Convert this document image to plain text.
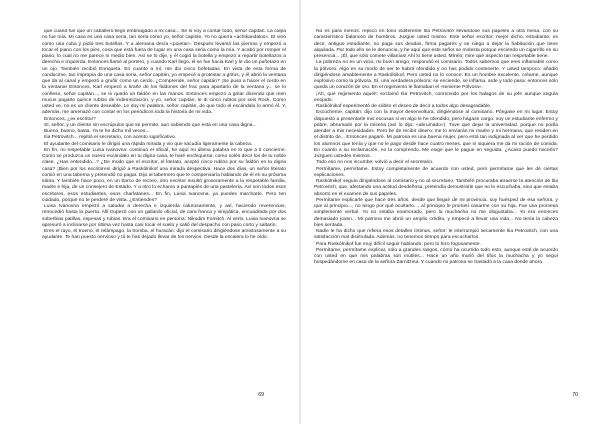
que cuand fue que un caballero llegó embriagado a mi casa... Se lo voy a contar todo, señor capitán. La culpa no fue mía. Mi casa es una casa seria, tan seria como yo, señor capitán. Yo no quería «achikandalos». El vino como una cuba y pidió tres botellas. Y a alemana decía «poietar». Después levantó las piernas y empezó a tocar el piano con los pies, cosa que está fuera de lugar en una casa seria como la mía. Y acabó por romper el piano, lo cual no me parece ni medio bien. Así se lo dije, y él cogió la botella y empezó a repartir botellazos a derecha e izquierda. Entonces llamé al portero, y cuando Karl llegó, él se fue hacia Karl y le dio un puñetazo en un ojo. También recibió Enriqueta. En cuanto a mí, me dio cinco bofetadas. En vista de esta forma de conducirse, tan impropia de una casa seria, señor capitán, yo empecé a protestar a gritos, y él abrió la ventana que da al canal y empezó a gruñir como un cerdo. ¿Comprende, señor capitán? ¡Se puso a hacer el cerdo en la ventana! Entonces, Karl empezó a tirarle de los faldones del frac para apartarlo de la ventana y... se lo confieso, señor capitán..., se le quedó un faldón en las manos. Entonces empezó a gritar diciendo que men mucus pagarle quince rublos de indemnización, y yo, señor capitán, le di cinco rublos por seis Rock. Como usted ve, no es un cliente deseable. Le doy mi palabra, señor capitán, de que todo el escándalo lo armó él. Y, además, me amenazó con contar en los periódicos toda la historia de mi vida.

Entonces, ¿es escritor?

Sí, señor, y un cliente sin escrúpulos que se permite, aun sabiendo que está en una casa digna...

Bueno, bueno, basta. Ya te he dicho mil veces...

Ilia Petrovitch... repitió el secretario, con acento significativo.

El ayudante del comisario le dirigió una rápida mirada y vio que sacudía ligeramente la cabeza.

En fin, mi respetable Luisa Ivanovna: continuó el oficial, he aquí mi última palabra en lo que a ti concierne. Como se produzca un nuevo escándalo en tu digna casa, te haré enchiquerar, como solés decir los de tu noble clase. ¿Has entendido...? ¿De modo que el escritor, el literato, aceptó cinco rublos por su faldón en tu digna casa? ¡Bien por los escritores! dirigió a Raskólnikof una mirada despectiva. Hace dos días, un señor literato comió en una taberna y pretendió no pagar. Dijo al tabernero que le compensaría hablando de él en su próxima sátira. Y también hace poco, en un barco de recreo, otro escritor insultó groseramente a la respetable familia, madre e hija, de un consejero de Estado. Y a otro lo echaron a puntapiés de una pastelería. Así son todos esos escritores, esos estudiantes, esos charlatanes... En fin, Luisa Ivanovna, ya puedes marcharte. Pero ten cuidado, porque no te perderé de vista. ¿Entiendes?

Luisa Ivanovna empezó a saludar a derecha e izquierda calurosamente, y así, haciendo reverencias, retrocedió hasta la puerta. Allí tropezó con un gallardo oficial, de cara franca y simpática, encuadrada por dos soberbias patillas, espesas y rubias. Era el comisario en persona: Nikodim Fomitch. Al verlo, Luisa Ivanovna se apresuró a inclinarse por última vez hasta casi tocar el suelo y salió del despacho con paso corto y saltarín.

Eres el rayo, el trueno, el relámpago, la tromba, el huracán: dijo el comisario dirigiéndose amistosamente a su ayudante. Te han puesto nervioso y tú te has dejado llevar de los nervios. Desde la escalera lo he oído.

69

No es para menos: replicó en tono indiferente Ilia Petrovitch llevándose sus papeles a otra mesa, con su característico balanceo de hombros. Juzgue usted mismo. Este señor escritor, mejor dicho, estudiante, es decir, antiguo estudiante, no paga sus deudas, firma pagarés y se niega a dejar la habitación que tiene alquilada. Por todo ello se le denuncia, y he aquí que este señor se molesta porque enciendo un cigarrillo en su presencia... ¡Él, que sólo comete villanías! Ahí lo tiene usted. Mírelo; mire qué aspecto tan respetable tiene.

La pobreza no es un vicio, mi buen amigo: respondió el comisario. Todos sabemos que eres inflamable como la pólvora. Algo en su modo de ser te habrá ofendido y no has podido contenerte. Y usted tampoco: añadió dirigiéndose amablemente a Raskólnikof. Pero usted no lo conoce. Es un hombre excelente, créame, aunque explosivo como la pólvora. Sí, una verdadera pólvora: se enciende, se inflama, arde y todo pasa: entonces sólo queda un corazón de oro. En el regimiento le llamaban el «teniente Pólvora».

¡Ah, qué regimiento aquél!: exclamó Ilia Petrovitch, conmovido por los halagos de su jefe aunque seguía enojado.

Raskólnikof experimentó de súbito el deseo de decir a todos algo desagradable.

Escúcheme, capitán: dijo con la mayor desenvoltura, dirigiéndose al comisario. Póngase en mi lugar. Estoy dispuesto a presentarle mis excusas si en algo le he ofendido; pero hágase cargo: soy un estudiante enfermo y pobre, abrumado por la miseria (así lo dijo: «abrumado»). Tuve que dejar la universidad, porque no podía atender a mis necesidades. Pero he de recibir dinero: me lo enviarán mi madre y mi hermana, que residen en el distrito de... Entonces pagaré. Mi patrona es una buena mujer, pero está tan indignada al ver que he perdido los alumnos que tenía y que no le pago desde hace cuatro meses, que ni siquiera me da mi ración de comida. En cuanto a su reclamación, no la comprendo. Me exige que le pague en seguida. ¿Acaso puedo hacerlo? Juzguen ustedes mismos.

Todo eso no nos incumbe: volvió a decir el secretario.

Permítame, permítame. Estoy completamente de acuerdo con usted, pero permítame que les dé ciertas explicaciones.

Raskólnikof seguía dirigiéndose al comisario y no al secretario. También procuraba atraerse la atención de Ilia Petrovitch, que, afectando una actitud desdeñosa, pretendía demostrarle que no le escuchaba, sino que estaba absorto en el examen de sus papeles.

Permítame explicarle que hace tres años, desde que llegué de mi provincia, soy huésped de esa señora, y que al principio..., no tengo por qué ocultarlo..., al principio le prometí casarme con su hija. Fue una promesa simplemente verbal. Yo no estaba enamorado, pero la muchacha no me disgustaba... Yo era entonces demasiado joven... Mi patrona me abrió un amplio crédito, y empecé a llevar una vida... No tenía la cabeza bien sentada.

Nadie le ha dicho que refiera esos detalles íntimos, señor: le interrumpió secamente Ilia Petrovitch, con una satisfacción mal disimulada. Además, no tenemos tiempo para escucharlos.

Para Raskólnikof fue muy difícil seguir hablando, pero lo hizo fogosamente.

Permítame, permítame explicar, sólo a grandes rasgos, cómo ha ocurrido todo esto, aunque esté de acuerdo con usted en que mis palabras son inútiles... Hace un año murió del tifus la muchacha y yo seguí hospedándome en casa de la señora Zarnitzina. Y cuando mi patrona se trasladó a la casa donde ahora

70
